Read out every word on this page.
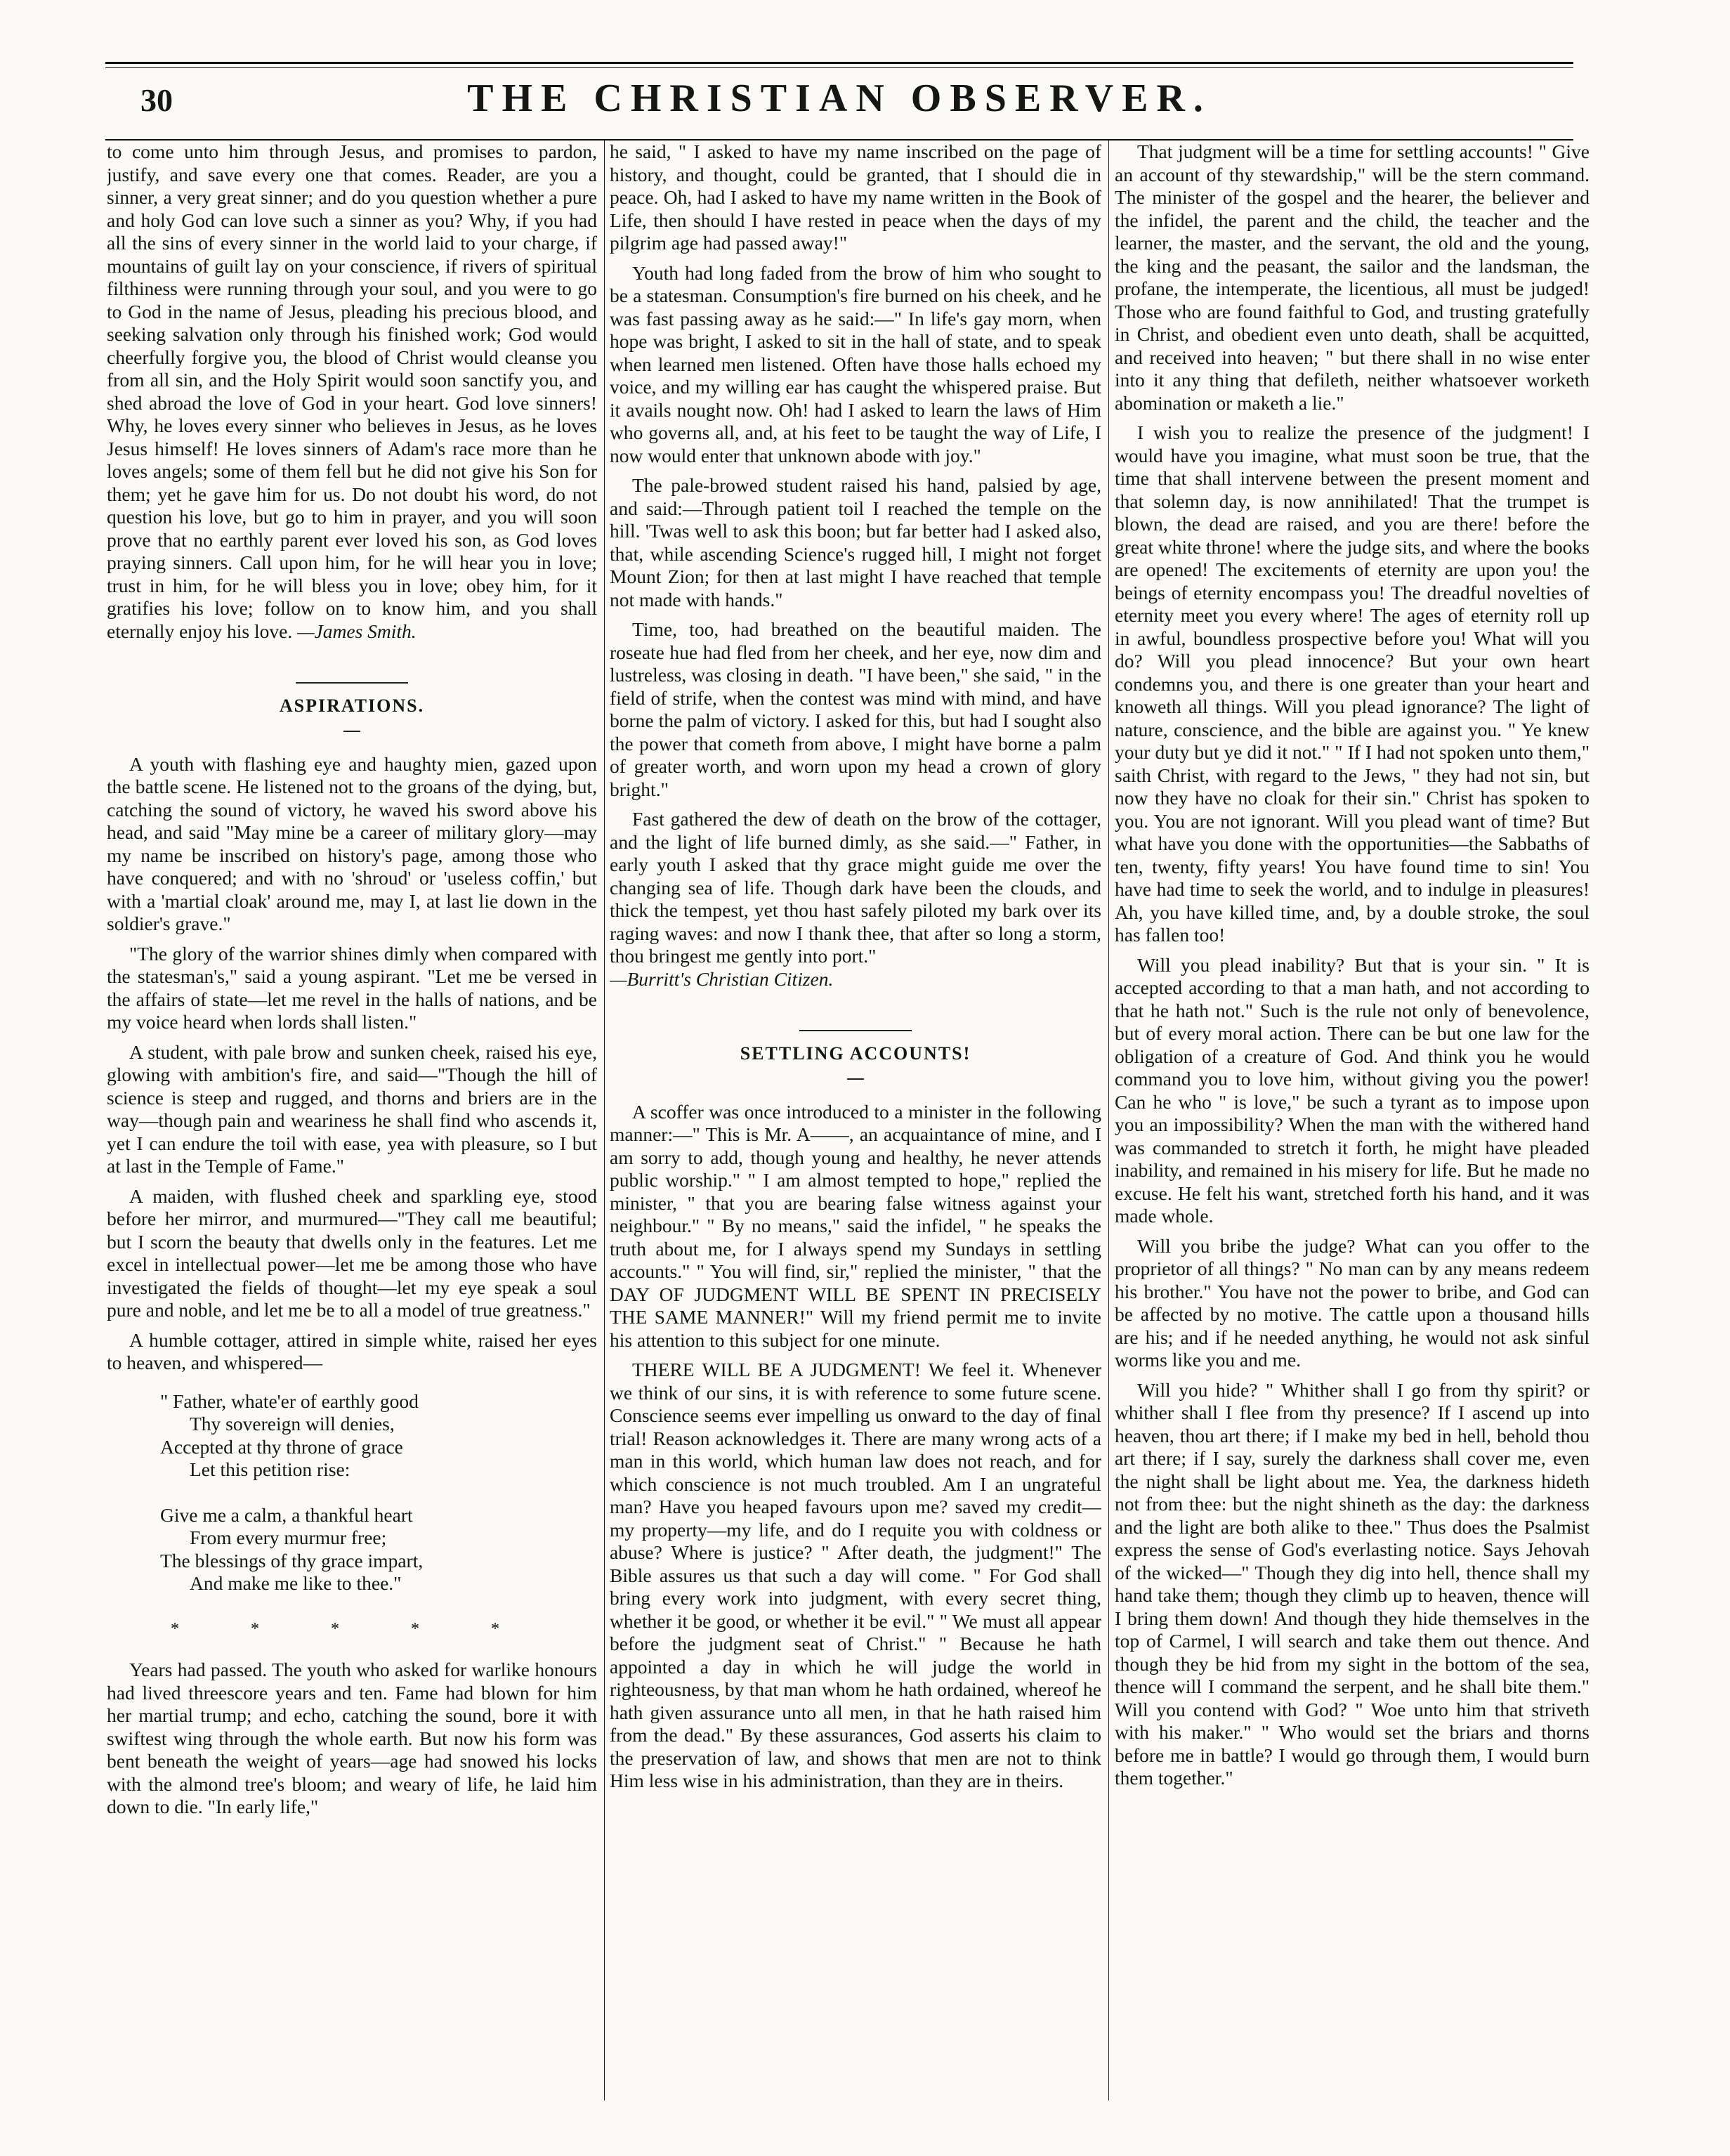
30	THE CHRISTIAN OBSERVER.

to come unto him through Jesus, and promises to pardon, justify, and save every one that comes. Reader, are you a sinner, a very great sinner; and do you question whether a pure and holy God can love such a sinner as you? Why, if you had all the sins of every sinner in the world laid to your charge, if mountains of guilt lay on your conscience, if rivers of spiritual filthiness were running through your soul, and you were to go to God in the name of Jesus, pleading his precious blood, and seeking salvation only through his finished work; God would cheerfully forgive you, the blood of Christ would cleanse you from all sin, and the Holy Spirit would soon sanctify you, and shed abroad the love of God in your heart. God love sinners! Why, he loves every sinner who believes in Jesus, as he loves Jesus himself! He loves sinners of Adam's race more than he loves angels; some of them fell but he did not give his Son for them; yet he gave him for us. Do not doubt his word, do not question his love, but go to him in prayer, and you will soon prove that no earthly parent ever loved his son, as God loves praying sinners. Call upon him, for he will hear you in love; trust in him, for he will bless you in love; obey him, for it gratifies his love; follow on to know him, and you shall eternally enjoy his love. —James Smith.

ASPIRATIONS.

A youth with flashing eye and haughty mien, gazed upon the battle scene. He listened not to the groans of the dying, but, catching the sound of victory, he waved his sword above his head, and said "May mine be a career of military glory—may my name be inscribed on history's page, among those who have conquered; and with no 'shroud' or 'useless coffin,' but with a 'martial cloak' around me, may I, at last lie down in the soldier's grave."

"The glory of the warrior shines dimly when compared with the statesman's," said a young aspirant. "Let me be versed in the affairs of state—let me revel in the halls of nations, and be my voice heard when lords shall listen."

A student, with pale brow and sunken cheek, raised his eye, glowing with ambition's fire, and said—"Though the hill of science is steep and rugged, and thorns and briers are in the way—though pain and weariness he shall find who ascends it, yet I can endure the toil with ease, yea with pleasure, so I but at last in the Temple of Fame."

A maiden, with flushed cheek and sparkling eye, stood before her mirror, and murmured—"They call me beautiful; but I scorn the beauty that dwells only in the features. Let me excel in intellectual power—let me be among those who have investigated the fields of thought—let my eye speak a soul pure and noble, and let me be to all a model of true greatness."

A humble cottager, attired in simple white, raised her eyes to heaven, and whispered—

" Father, whate'er of earthly good
Thy sovereign will denies,
Accepted at thy throne of grace
Let this petition rise:
Give me a calm, a thankful heart
From every murmur free;
The blessings of thy grace impart,
And make me like to thee."
* * * * *

Years had passed. The youth who asked for warlike honours had lived threescore years and ten. Fame had blown for him her martial trump; and echo, catching the sound, bore it with swiftest wing through the whole earth. But now his form was bent beneath the weight of years—age had snowed his locks with the almond tree's bloom; and weary of life, he laid him down to die. "In early life,"

he said, " I asked to have my name inscribed on the page of history, and thought, could be granted, that I should die in peace. Oh, had I asked to have my name written in the Book of Life, then should I have rested in peace when the days of my pilgrim age had passed away!"

Youth had long faded from the brow of him who sought to be a statesman. Consumption's fire burned on his cheek, and he was fast passing away as he said:—" In life's gay morn, when hope was bright, I asked to sit in the hall of state, and to speak when learned men listened. Often have those halls echoed my voice, and my willing ear has caught the whispered praise. But it avails nought now. Oh! had I asked to learn the laws of Him who governs all, and, at his feet to be taught the way of Life, I now would enter that unknown abode with joy."

The pale-browed student raised his hand, palsied by age, and said:—Through patient toil I reached the temple on the hill. 'Twas well to ask this boon; but far better had I asked also, that, while ascending Science's rugged hill, I might not forget Mount Zion; for then at last might I have reached that temple not made with hands."

Time, too, had breathed on the beautiful maiden. The roseate hue had fled from her cheek, and her eye, now dim and lustreless, was closing in death. "I have been," she said, " in the field of strife, when the contest was mind with mind, and have borne the palm of victory. I asked for this, but had I sought also the power that cometh from above, I might have borne a palm of greater worth, and worn upon my head a crown of glory bright."

Fast gathered the dew of death on the brow of the cottager, and the light of life burned dimly, as she said.—" Father, in early youth I asked that thy grace might guide me over the changing sea of life. Though dark have been the clouds, and thick the tempest, yet thou hast safely piloted my bark over its raging waves: and now I thank thee, that after so long a storm, thou bringest me gently into port."
—Burritt's Christian Citizen.

SETTLING ACCOUNTS!

A scoffer was once introduced to a minister in the following manner:—" This is Mr. A——, an acquaintance of mine, and I am sorry to add, though young and healthy, he never attends public worship." " I am almost tempted to hope," replied the minister, " that you are bearing false witness against your neighbour." " By no means," said the infidel, " he speaks the truth about me, for I always spend my Sundays in settling accounts." " You will find, sir," replied the minister, " that the DAY OF JUDGMENT WILL BE SPENT IN PRECISELY THE SAME MANNER!" Will my friend permit me to invite his attention to this subject for one minute.

THERE WILL BE A JUDGMENT! We feel it. Whenever we think of our sins, it is with reference to some future scene. Conscience seems ever impelling us onward to the day of final trial! Reason acknowledges it. There are many wrong acts of a man in this world, which human law does not reach, and for which conscience is not much troubled. Am I an ungrateful man? Have you heaped favours upon me? saved my credit—my property—my life, and do I requite you with coldness or abuse? Where is justice? " After death, the judgment!" The Bible assures us that such a day will come. " For God shall bring every work into judgment, with every secret thing, whether it be good, or whether it be evil." " We must all appear before the judgment seat of Christ." " Because he hath appointed a day in which he will judge the world in righteousness, by that man whom he hath ordained, whereof he hath given assurance unto all men, in that he hath raised him from the dead." By these assurances, God asserts his claim to the preservation of law, and shows that men are not to think Him less wise in his administration, than they are in theirs.

That judgment will be a time for settling accounts! " Give an account of thy stewardship," will be the stern command. The minister of the gospel and the hearer, the believer and the infidel, the parent and the child, the teacher and the learner, the master, and the servant, the old and the young, the king and the peasant, the sailor and the landsman, the profane, the intemperate, the licentious, all must be judged! Those who are found faithful to God, and trusting gratefully in Christ, and obedient even unto death, shall be acquitted, and received into heaven; " but there shall in no wise enter into it any thing that defileth, neither whatsoever worketh abomination or maketh a lie."

I wish you to realize the presence of the judgment! I would have you imagine, what must soon be true, that the time that shall intervene between the present moment and that solemn day, is now annihilated! That the trumpet is blown, the dead are raised, and you are there! before the great white throne! where the judge sits, and where the books are opened! The excitements of eternity are upon you! the beings of eternity encompass you! The dreadful novelties of eternity meet you every where! The ages of eternity roll up in awful, boundless prospective before you! What will you do? Will you plead innocence? But your own heart condemns you, and there is one greater than your heart and knoweth all things. Will you plead ignorance? The light of nature, conscience, and the bible are against you. " Ye knew your duty but ye did it not." " If I had not spoken unto them," saith Christ, with regard to the Jews, " they had not sin, but now they have no cloak for their sin." Christ has spoken to you. You are not ignorant. Will you plead want of time? But what have you done with the opportunities—the Sabbaths of ten, twenty, fifty years! You have found time to sin! You have had time to seek the world, and to indulge in pleasures! Ah, you have killed time, and, by a double stroke, the soul has fallen too!

Will you plead inability? But that is your sin. " It is accepted according to that a man hath, and not according to that he hath not." Such is the rule not only of benevolence, but of every moral action. There can be but one law for the obligation of a creature of God. And think you he would command you to love him, without giving you the power! Can he who " is love," be such a tyrant as to impose upon you an impossibility? When the man with the withered hand was commanded to stretch it forth, he might have pleaded inability, and remained in his misery for life. But he made no excuse. He felt his want, stretched forth his hand, and it was made whole.

Will you bribe the judge? What can you offer to the proprietor of all things? " No man can by any means redeem his brother." You have not the power to bribe, and God can be affected by no motive. The cattle upon a thousand hills are his; and if he needed anything, he would not ask sinful worms like you and me.

Will you hide? " Whither shall I go from thy spirit? or whither shall I flee from thy presence? If I ascend up into heaven, thou art there; if I make my bed in hell, behold thou art there; if I say, surely the darkness shall cover me, even the night shall be light about me. Yea, the darkness hideth not from thee: but the night shineth as the day: the darkness and the light are both alike to thee." Thus does the Psalmist express the sense of God's everlasting notice. Says Jehovah of the wicked—" Though they dig into hell, thence shall my hand take them; though they climb up to heaven, thence will I bring them down! And though they hide themselves in the top of Carmel, I will search and take them out thence. And though they be hid from my sight in the bottom of the sea, thence will I command the serpent, and he shall bite them." Will you contend with God? " Woe unto him that striveth with his maker." " Who would set the briars and thorns before me in battle? I would go through them, I would burn them together."
